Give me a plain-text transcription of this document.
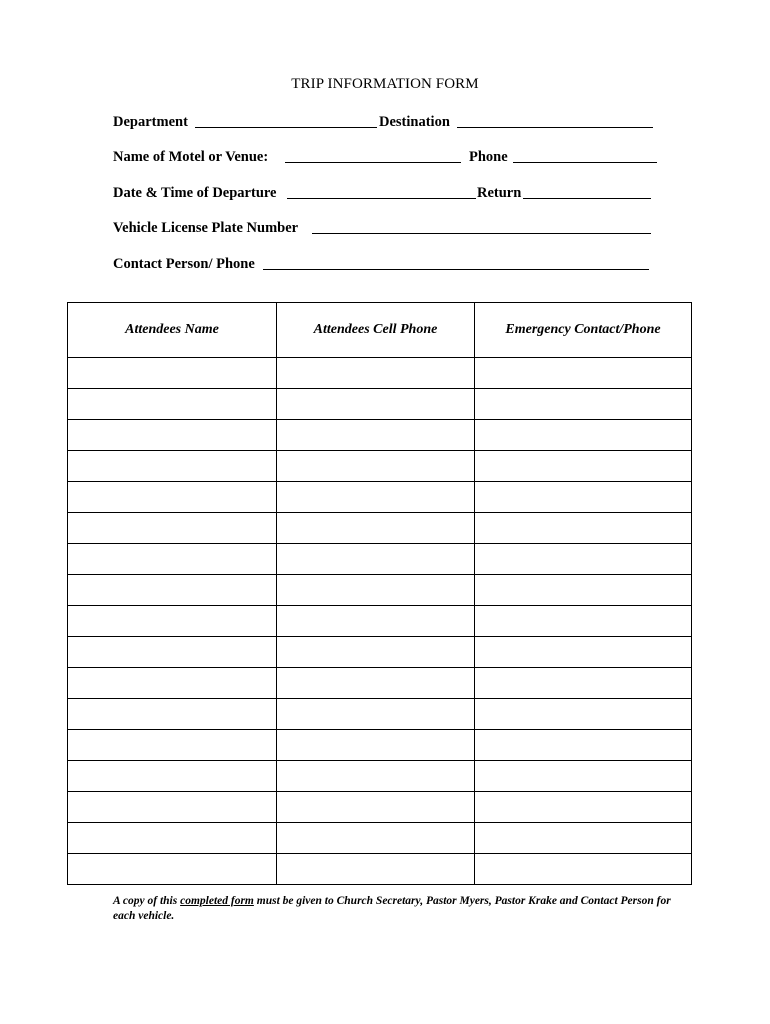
TRIP INFORMATION FORM
Department	Destination
Name of Motel or Venue:	Phone
Date & Time of Departure	Return
Vehicle License Plate Number
Contact Person/ Phone
Attendees Name	Attendees Cell Phone	Emergency Contact/Phone

A copy of this completed form must be given to Church Secretary, Pastor Myers, Pastor Krake and Contact Person for each vehicle.
